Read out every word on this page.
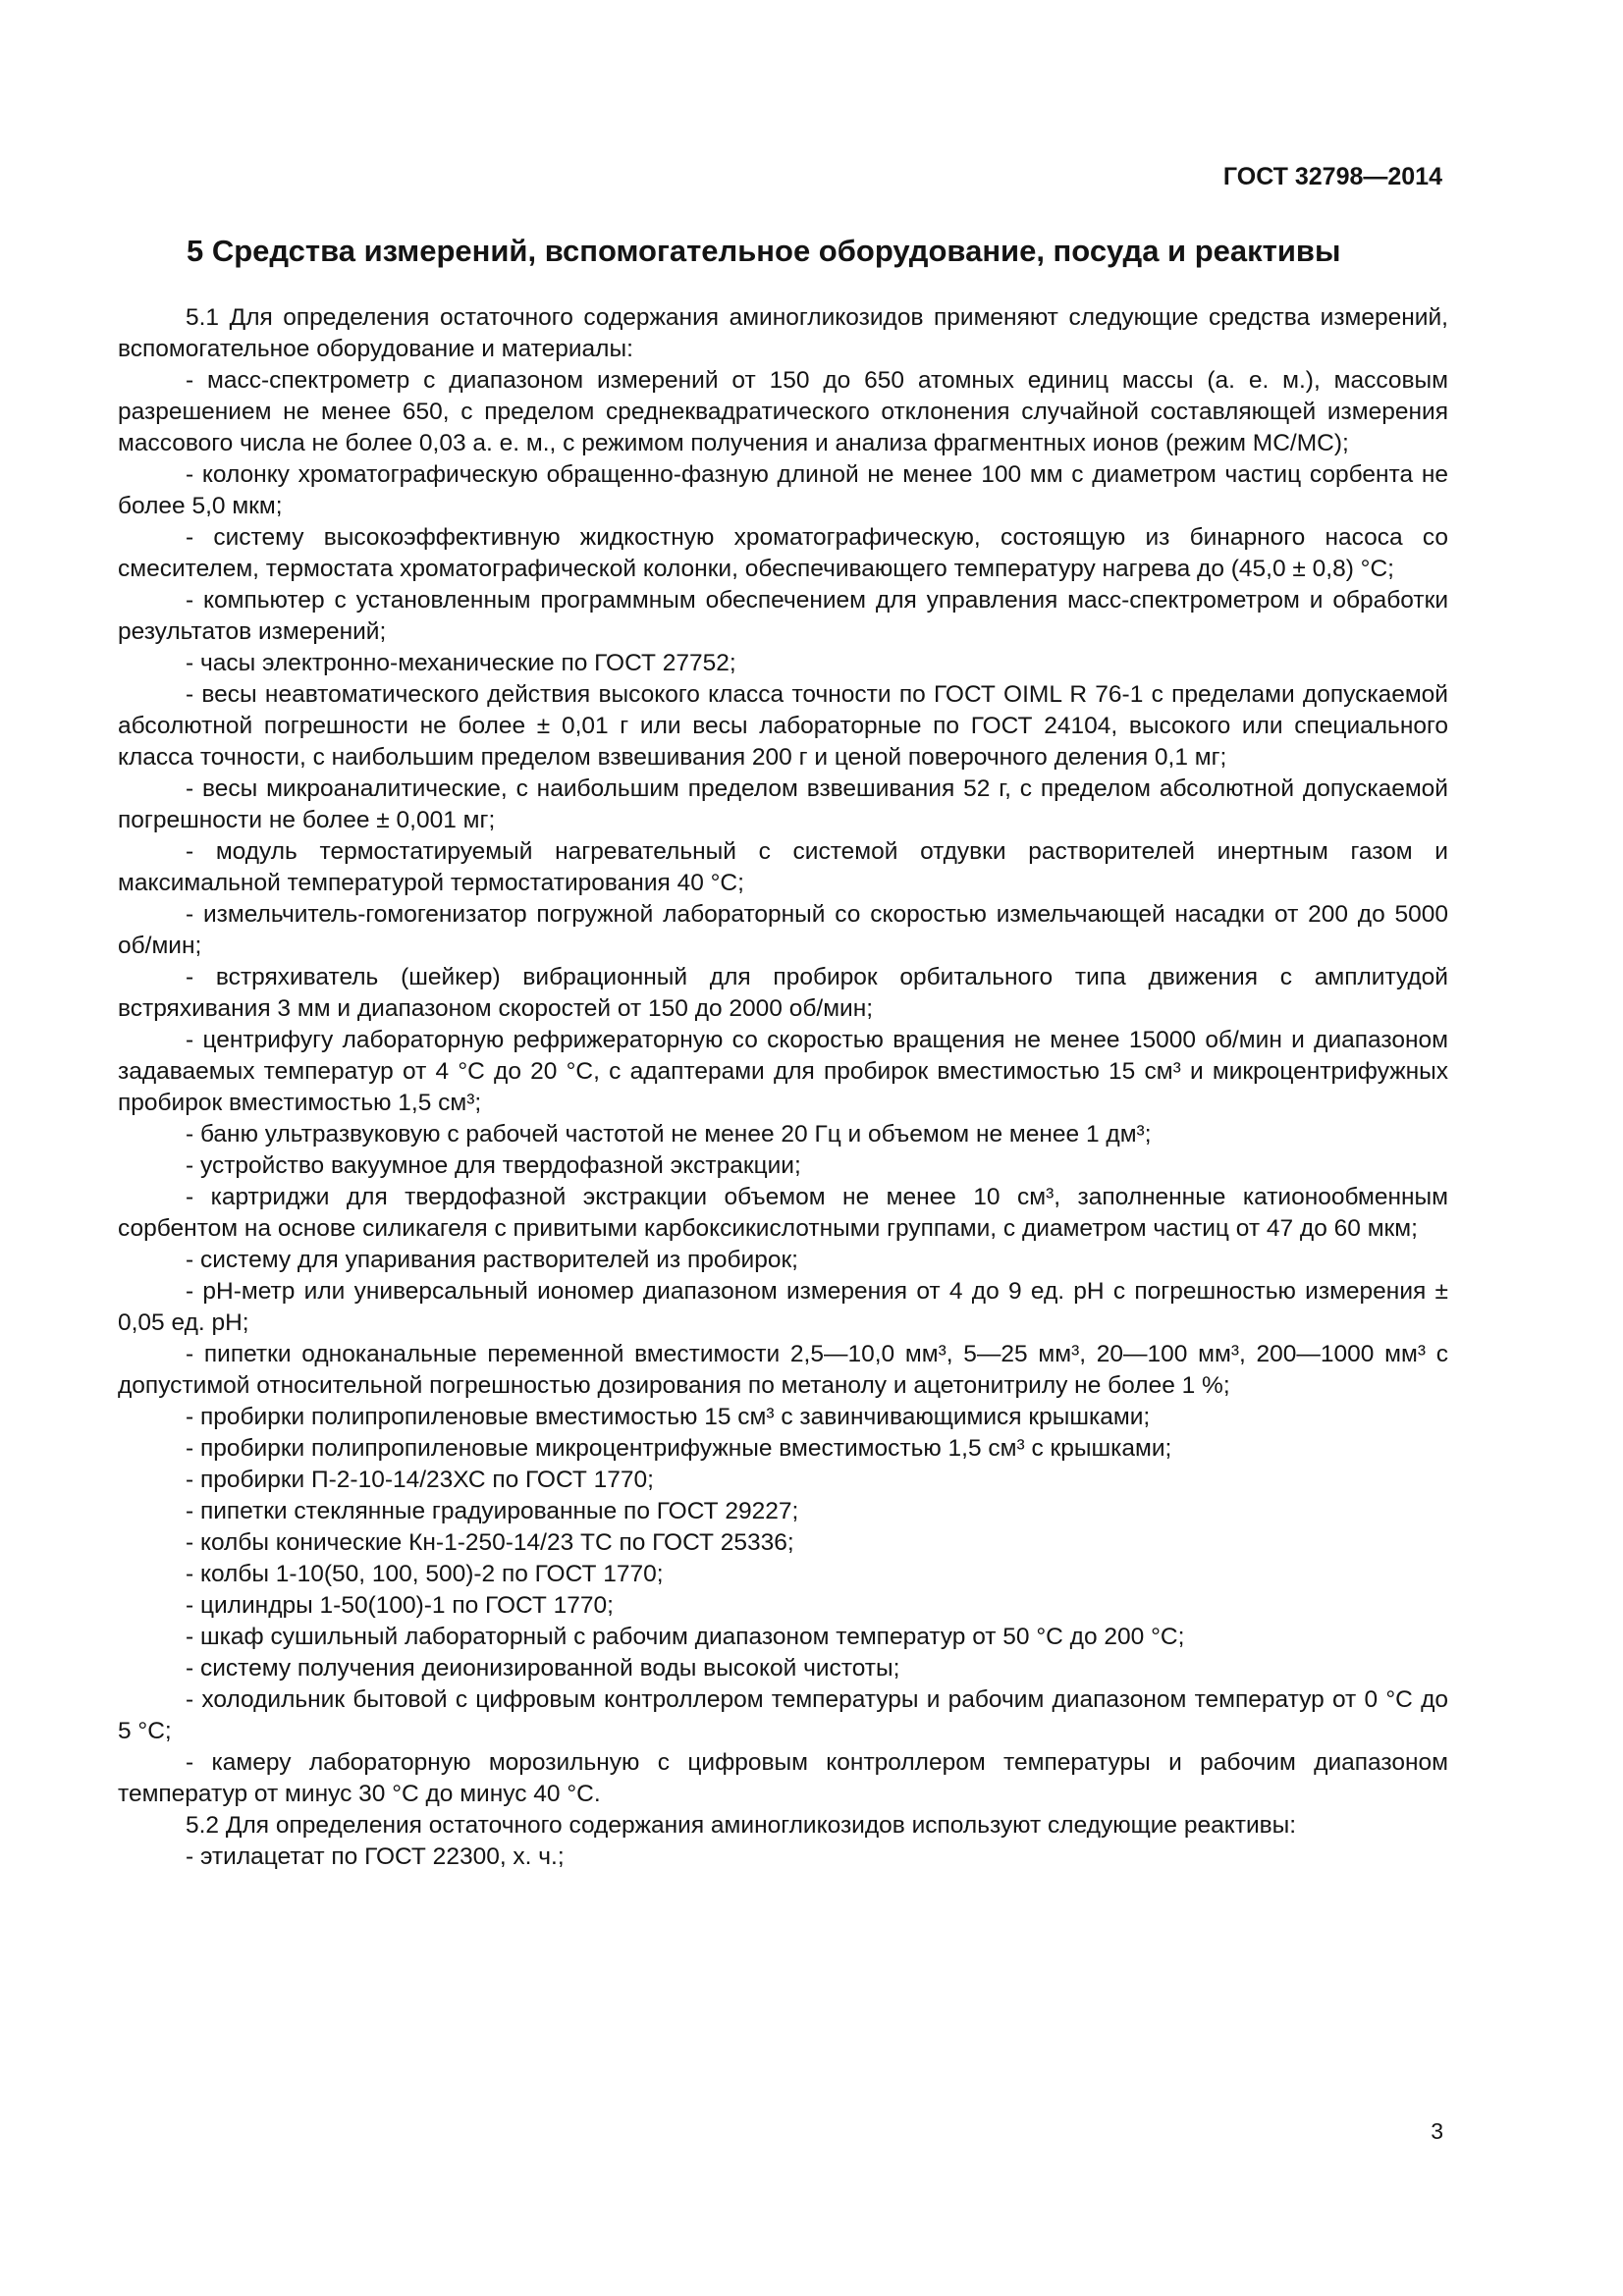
ГОСТ 32798—2014
5 Средства измерений, вспомогательное оборудование, посуда и реактивы

5.1 Для определения остаточного содержания аминогликозидов применяют следующие средства измерений, вспомогательное оборудование и материалы:

- масс-спектрометр с диапазоном измерений от 150 до 650 атомных единиц массы (а. е. м.), массовым разрешением не менее 650, с пределом среднеквадратического отклонения случайной составляющей измерения массового числа не более 0,03 а. е. м., с режимом получения и анализа фрагментных ионов (режим МС/МС);

- колонку хроматографическую обращенно-фазную длиной не менее 100 мм с диаметром частиц сорбента не более 5,0 мкм;

- систему высокоэффективную жидкостную хроматографическую, состоящую из бинарного насоса со смесителем, термостата хроматографической колонки, обеспечивающего температуру нагрева до (45,0 ± 0,8) °С;

- компьютер с установленным программным обеспечением для управления масс-спектрометром и обработки результатов измерений;

- часы электронно-механические по ГОСТ 27752;

- весы неавтоматического действия высокого класса точности по ГОСТ OIML R 76-1 с пределами допускаемой абсолютной погрешности не более ± 0,01 г или весы лабораторные по ГОСТ 24104, высокого или специального класса точности, с наибольшим пределом взвешивания 200 г и ценой поверочного деления 0,1 мг;

- весы микроаналитические, с наибольшим пределом взвешивания 52 г, с пределом абсолютной допускаемой погрешности не более ± 0,001 мг;

- модуль термостатируемый нагревательный с системой отдувки растворителей инертным газом и максимальной температурой термостатирования 40 °С;

- измельчитель-гомогенизатор погружной лабораторный со скоростью измельчающей насадки от 200 до 5000 об/мин;

- встряхиватель (шейкер) вибрационный для пробирок орбитального типа движения с амплитудой встряхивания 3 мм и диапазоном скоростей от 150 до 2000 об/мин;

- центрифугу лабораторную рефрижераторную со скоростью вращения не менее 15000 об/мин и диапазоном задаваемых температур от 4 °С до 20 °С, с адаптерами для пробирок вместимостью 15 см³ и микроцентрифужных пробирок вместимостью 1,5 см³;

- баню ультразвуковую с рабочей частотой не менее 20 Гц и объемом не менее 1 дм³;

- устройство вакуумное для твердофазной экстракции;

- картриджи для твердофазной экстракции объемом не менее 10 см³, заполненные катионообменным сорбентом на основе силикагеля с привитыми карбоксикислотными группами, с диаметром частиц от 47 до 60 мкм;

- систему для упаривания растворителей из пробирок;

- pH-метр или универсальный иономер диапазоном измерения от 4 до 9 ед. pH с погрешностью измерения ± 0,05 ед. pH;

- пипетки одноканальные переменной вместимости 2,5—10,0 мм³, 5—25 мм³, 20—100 мм³, 200—1000 мм³ с допустимой относительной погрешностью дозирования по метанолу и ацетонитрилу не более 1 %;

- пробирки полипропиленовые вместимостью 15 см³ с завинчивающимися крышками;

- пробирки полипропиленовые микроцентрифужные вместимостью 1,5 см³ с крышками;

- пробирки П-2-10-14/23ХС по ГОСТ 1770;

- пипетки стеклянные градуированные по ГОСТ 29227;

- колбы конические Кн-1-250-14/23 ТС по ГОСТ 25336;

- колбы 1-10(50, 100, 500)-2 по ГОСТ 1770;

- цилиндры 1-50(100)-1 по ГОСТ 1770;

- шкаф сушильный лабораторный с рабочим диапазоном температур от 50 °С до 200 °С;

- систему получения деионизированной воды высокой чистоты;

- холодильник бытовой с цифровым контроллером температуры и рабочим диапазоном температур от 0 °С до 5 °С;

- камеру лабораторную морозильную с цифровым контроллером температуры и рабочим диапазоном температур от минус 30 °С до минус 40 °С.

5.2 Для определения остаточного содержания аминогликозидов используют следующие реактивы:

- этилацетат по ГОСТ 22300, х. ч.;

3
